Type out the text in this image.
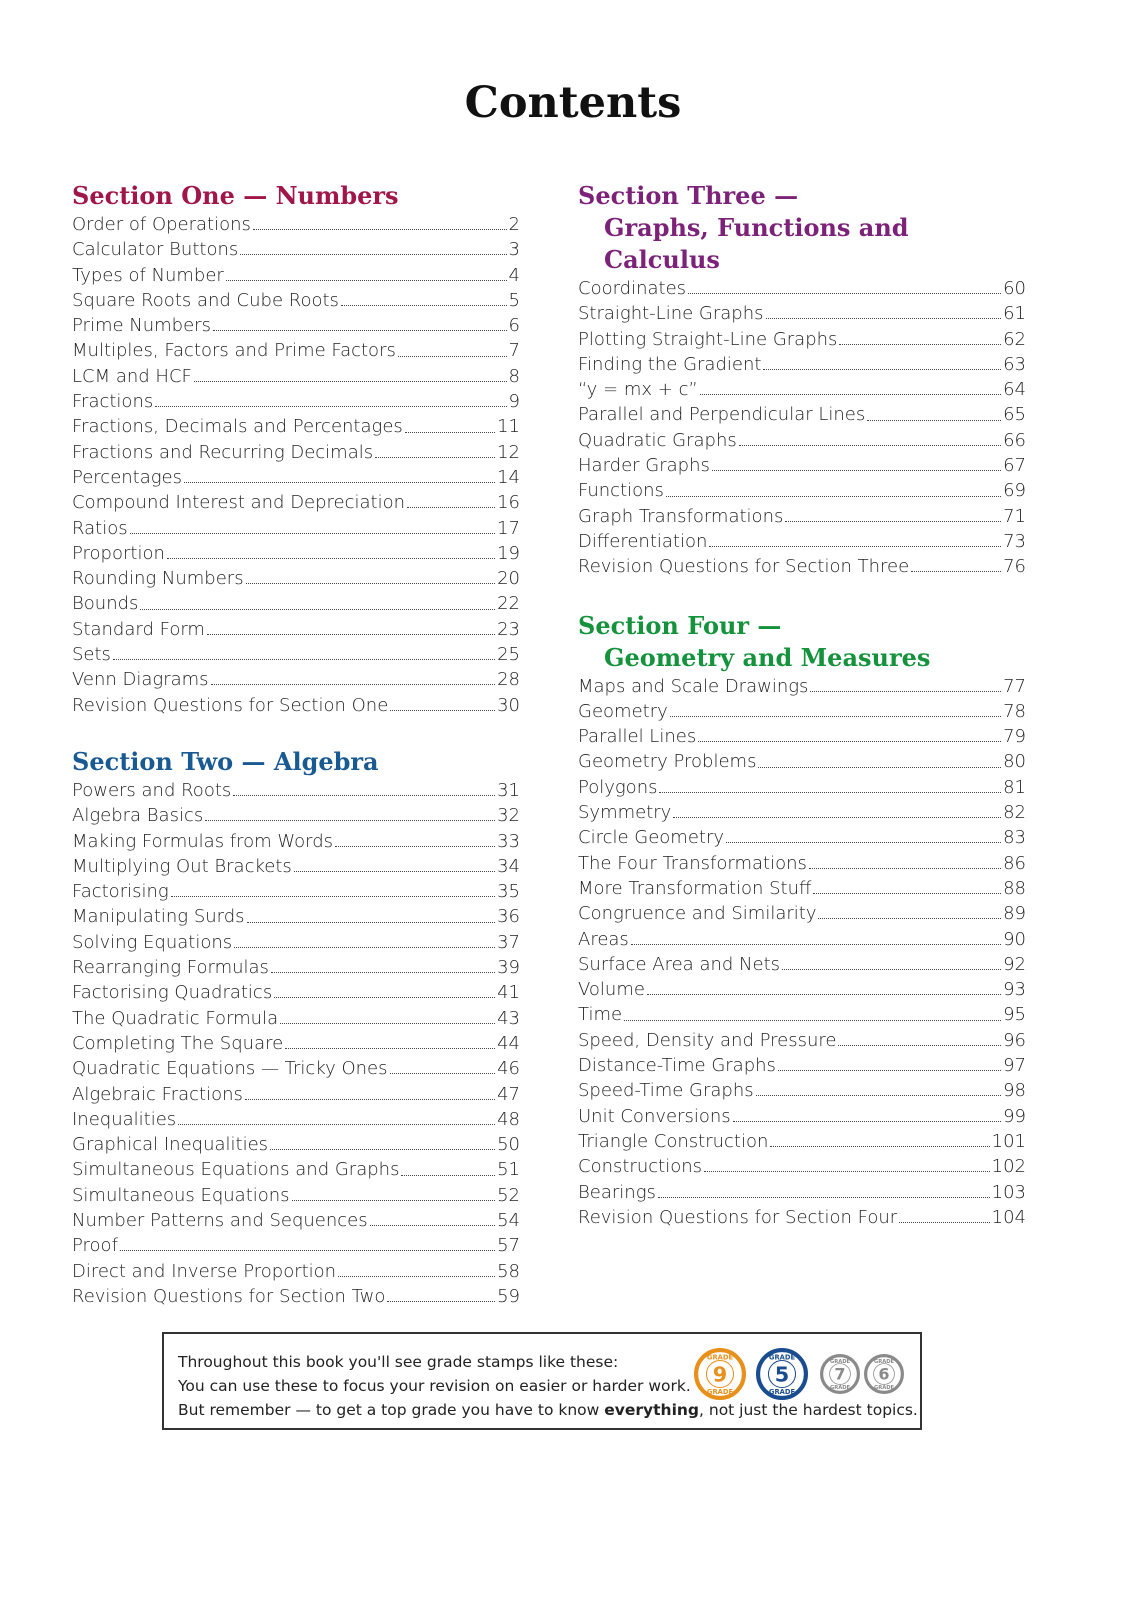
Contents
Section One — Numbers
Order of Operations	2
Calculator Buttons	3
Types of Number	4
Square Roots and Cube Roots	5
Prime Numbers	6
Multiples, Factors and Prime Factors	7
LCM and HCF	8
Fractions	9
Fractions, Decimals and Percentages	11
Fractions and Recurring Decimals	12
Percentages	14
Compound Interest and Depreciation	16
Ratios	17
Proportion	19
Rounding Numbers	20
Bounds	22
Standard Form	23
Sets	25
Venn Diagrams	28
Revision Questions for Section One	30
Section Two — Algebra
Powers and Roots	31
Algebra Basics	32
Making Formulas from Words	33
Multiplying Out Brackets	34
Factorising	35
Manipulating Surds	36
Solving Equations	37
Rearranging Formulas	39
Factorising Quadratics	41
The Quadratic Formula	43
Completing The Square	44
Quadratic Equations — Tricky Ones	46
Algebraic Fractions	47
Inequalities	48
Graphical Inequalities	50
Simultaneous Equations and Graphs	51
Simultaneous Equations	52
Number Patterns and Sequences	54
Proof	57
Direct and Inverse Proportion	58
Revision Questions for Section Two	59
Section Three —
Graphs, Functions and Calculus
Coordinates	60
Straight-Line Graphs	61
Plotting Straight-Line Graphs	62
Finding the Gradient	63
“y = mx + c”	64
Parallel and Perpendicular Lines	65
Quadratic Graphs	66
Harder Graphs	67
Functions	69
Graph Transformations	71
Differentiation	73
Revision Questions for Section Three	76
Section Four —
Geometry and Measures
Maps and Scale Drawings	77
Geometry	78
Parallel Lines	79
Geometry Problems	80
Polygons	81
Symmetry	82
Circle Geometry	83
The Four Transformations	86
More Transformation Stuff	88
Congruence and Similarity	89
Areas	90
Surface Area and Nets	92
Volume	93
Time	95
Speed, Density and Pressure	96
Distance-Time Graphs	97
Speed-Time Graphs	98
Unit Conversions	99
Triangle Construction	101
Constructions	102
Bearings	103
Revision Questions for Section Four	104
Throughout this book you'll see grade stamps like these:
You can use these to focus your revision on easier or harder work.
But remember — to get a top grade you have to know everything, not just the hardest topics.
GRADE
GRADE
9
GRADE
GRADE
5
GRADE
GRADE
7
GRADE
GRADE
6
